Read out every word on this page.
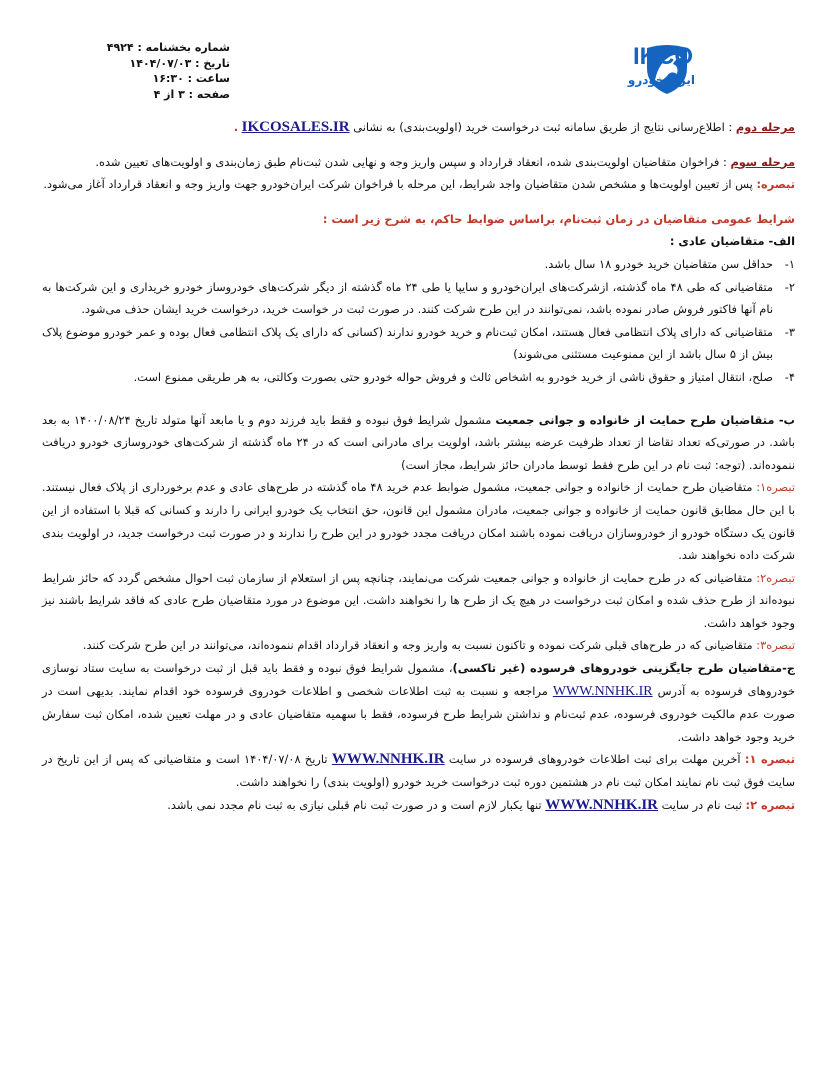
شماره بخشنامه : ۴۹۲۴
تاریخ : ۱۴۰۴/۰۷/۰۳
ساعت : ۱۶:۳۰
صفحه : ۳ از ۴
IKCO
ایران‌خودرو

مرحله دوم : اطلاع‌رسانی نتایج از طریق سامانه ثبت درخواست خرید (اولویت‌بندی) به نشانی IKCOSALES.IR .

مرحله سوم : فراخوان متقاضیان اولویت‌بندی شده، انعقاد قرارداد و سپس واریز وجه و نهایی شدن ثبت‌نام طبق زمان‌بندی و اولویت‌های تعیین شده.

تبصره: پس از تعیین اولویت‌ها و مشخص شدن متقاضیان واجد شرایط، این مرحله با فراخوان شرکت ایران‌خودرو جهت واریز وجه و انعقاد قرارداد آغاز می‌شود.

شرایط عمومی متقاضیان در زمان ثبت‌نام، براساس ضوابط حاکم، به شرح زیر است :

الف- متقاضیان عادی :

۱-
حداقل سن متقاضیان خرید خودرو ۱۸ سال باشد.
۲-
متقاضیانی که طی ۴۸ ماه گذشته، ازشرکت‌های ایران‌خودرو و سایپا یا طی ۲۴ ماه گذشته از دیگر شرکت‌های خودروساز خودرو خریداری و این شرکت‌ها به نام آنها فاکتور فروش صادر نموده باشد، نمی‌توانند در این طرح شرکت کنند. در صورت ثبت در خواست خرید، درخواست خرید ایشان حذف می‌شود.
۳-
متقاضیانی که دارای پلاک انتظامی فعال هستند، امکان ثبت‌نام و خرید خودرو ندارند (کسانی که دارای یک پلاک انتظامی فعال بوده و عمر خودرو موضوع پلاک بیش از ۵ سال باشد از این ممنوعیت مستثنی می‌شوند)
۴-
صلح، انتقال امتیاز و حقوق ناشی از خرید خودرو به اشخاص ثالث و فروش حواله خودرو حتی بصورت وکالتی، به هر طریقی ممنوع است.

ب- متقاضیان طرح حمایت از خانواده و جوانی جمعیت مشمول شرایط فوق نبوده و فقط باید فرزند دوم و یا مابعد آنها متولد تاریخ ۱۴۰۰/۰۸/۲۴ به بعد باشد. در صورتی‌که تعداد تقاضا از تعداد ظرفیت عرضه بیشتر باشد، اولویت برای مادرانی است که در ۲۴ ماه گذشته از شرکت‌های خودروسازی خودرو دریافت ننموده‌اند. (توجه: ثبت نام در این طرح فقط توسط مادران حائز شرایط، مجاز است)

تبصره۱: متقاضیان طرح حمایت از خانواده و جوانی جمعیت، مشمول ضوابط عدم خرید ۴۸ ماه گذشته در طرح‌های عادی و عدم برخورداری از پلاک فعال نیستند. با این حال مطابق قانون حمایت از خانواده و جوانی جمعیت، مادران مشمول این قانون، حق انتخاب یک خودرو ایرانی را دارند و کسانی که قبلا با استفاده از این قانون یک دستگاه خودرو از خودروسازان دریافت نموده باشند امکان دریافت مجدد خودرو در این طرح را ندارند و در صورت ثبت درخواست جدید، در اولویت بندی شرکت داده نخواهند شد.

تبصره۲: متقاضیانی که در طرح حمایت از خانواده و جوانی جمعیت شرکت می‌نمایند، چنانچه پس از استعلام از سازمان ثبت احوال مشخص گردد که حائز شرایط نبوده‌اند از طرح حذف شده و امکان ثبت درخواست در هیچ یک از طرح ها را نخواهند داشت. این موضوع در مورد متقاضیان طرح عادی که فاقد شرایط باشند نیز وجود خواهد داشت.

تبصره۳: متقاضیانی که در طرح‌های قبلی شرکت نموده و تاکنون نسبت به واریز وجه و انعقاد قرارداد اقدام ننموده‌اند، می‌توانند در این طرح شرکت کنند.

ج-متقاضیان طرح جایگزینی خودروهای فرسوده (غیر تاکسی)، مشمول شرایط فوق نبوده و فقط باید قبل از ثبت درخواست به سایت ستاد نوسازی خودروهای فرسوده به آدرس WWW.NNHK.IR مراجعه و نسبت به ثبت اطلاعات شخصی و اطلاعات خودروی فرسوده خود اقدام نمایند. بدیهی است در صورت عدم مالکیت خودروی فرسوده، عدم ثبت‌نام و نداشتن شرایط طرح فرسوده، فقط با سهمیه متقاضیان عادی و در مهلت تعیین شده، امکان ثبت سفارش خرید وجود خواهد داشت.

تبصره ۱: آخرین مهلت برای ثبت اطلاعات خودروهای فرسوده در سایت WWW.NNHK.IR تاریخ ۱۴۰۴/۰۷/۰۸ است و متقاضیانی که پس از این تاریخ در سایت فوق ثبت نام نمایند امکان ثبت نام در هشتمین دوره ثبت درخواست خرید خودرو (اولویت بندی) را نخواهند داشت.

تبصره ۲: ثبت نام در سایت WWW.NNHK.IR تنها یکبار لازم است و در صورت ثبت نام قبلی نیازی به ثبت نام مجدد نمی باشد.
